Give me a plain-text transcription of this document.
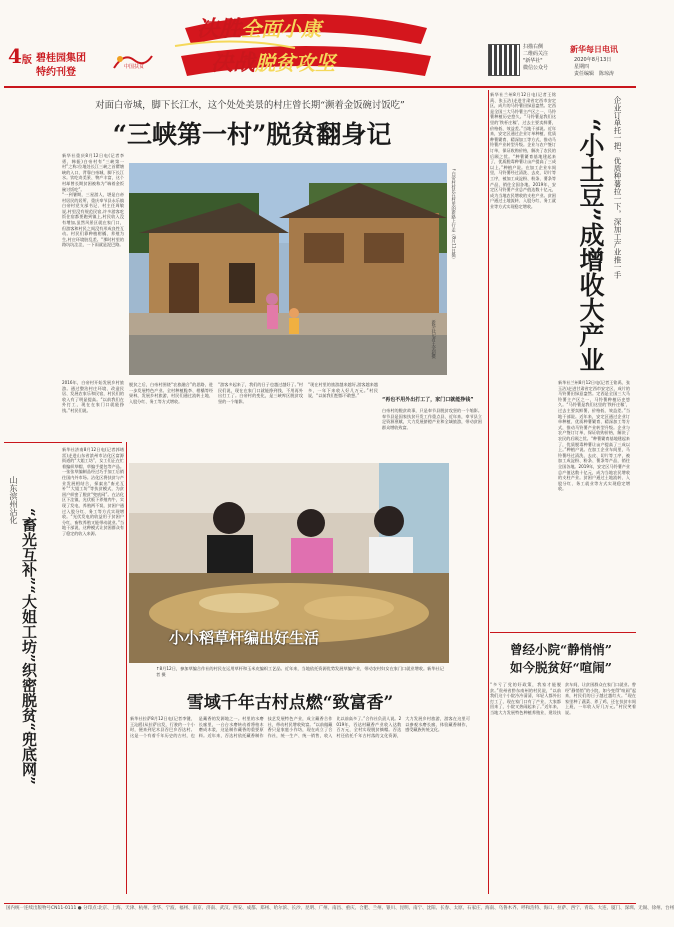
4版 碧桂园集团
特约刊登	中国扶贫
决胜全面小康
决战脱贫攻坚
扫描右侧
二维码关注
"新华社"
微信公众号
新华每日电讯
2020年8月13日
星期四
责任编辑　陈琼涛
对面白帝城，脚下长江水，这个处处美景的村庄曾长期“濒着金饭碗讨饭吃”
“三峡第一村”脱贫翻身记
新华社重庆8月12日电(记者李勇、韩振)白帝村有“三峡第一村”之称:位地处长江三峡之首瞿塘峡的入口，背靠白帝城，脚下长江水。饮吃奇美景、物产丰富，这个村却曾长期贫困被称为“端着金饭碗讨饭吃”。
“一到暑期，三星游人，堪是白帝村居民的居所，重庆奉节县永乐镇白帝村党支部书记、村主任周敏说,村里没有规范民宿,许多游客吃饭住宿都要跑到镇上,村民收入没有增加,虽然风景区就在家门口，但游客和村民之间没有形成良性互动。村民们靠种植柑橘、养殖为生,村庄环境脏乱差。“那时村里的路坑坑洼洼，一下雨就是泥巴路。
2016年，白帝村开始发展乡村旅游。通过整治村庄环境、改造民居、发展农家乐和民宿，村民们的收入有了明显提高。“以前我们在外打工，现在在家门口就能挣钱。”村民们说。
↑白帝村村民在村里的新路上行走（8月11日摄）
新华社记者王全超摄
脱贫之后，白帝村围绕“农旅融合”的思路，进一步发展特色产业。全村种植脆李、柑橘等经果林，发展乡村旅游，村民们通过流转土地、入股分红、务工等方式增收。
“游客多起来了，我们的日子也越过越好了。”村民们说，现在在家门口就能挣到钱，不用再外出打工了。白帝村的变化，是三峡库区脱贫攻坚的一个缩影。
“现在村里的旅游越来越好,游客越来越多，一年下来收入好几万元。”村民说，“以前我们想都不敢想。”
“再也不用外出打工了，家门口就能挣钱”
白帝村的脱贫故事，只是奉节县脱贫攻坚的一个缩影。奉节县是国家扶贫开发工作重点县，近年来，奉节县立足资源禀赋，大力发展脐橙产业和全域旅游，带动贫困群众增收致富。
山东滨州沾化
“畜光互补”“大姐工坊”织密脱贫“兜底网”
新华社济南8月12日电(记者郭绪雷)走进山东省滨州市沾化区富源街道的“大姐工坊”，女工们正在忙着编织草帽、草编手提包等产品。一张张草编制品经过巧手加工后销往国内外市场。沾化区将扶贫与产业发展相结合，探索出“畜光互补”“大姐工坊”等扶贫模式，为贫困户织密了脱贫“兜底网”。在沾化区下洼镇，光伏板下养殖肉牛，实现了发电、养殖两不误，贫困户通过入股分红、务工等方式实现增收。“光伏发电的收益用于贫困户分红，畜牧养殖又能带动就业。”当地干部说，这种模式让贫困群众有了稳定的收入来源。
小小稻草杆编出好生活
↑8月12日，参加草编合作社的村民在运用草杆和玉米皮编织工艺品。近年来，当地依托资源优势发展草编产业，带动农村妇女在家门口就业增收。新华社记者 摄
雪域千年古村点燃“致富香”
新华社拉萨8月12日电(记者李键、王沁鸥)从拉萨出发，行驶约一个小时，便来到尼木县吞巴乡吞达村。这是一个有着千年历史的古村，也是藏香的发源地之一。村里的水磨长廊里，一台台水磨转动着将柏木磨成木浆，这是制作藏香的重要原料。近年来，吞达村依托藏香制作技艺发展特色产业，成立藏香合作社，带动村民增收致富。“以前做藏香只是家庭小作坊，现在成立了合作社，统一生产、统一销售，收入比以前高多了。”合作社负责人说。2019年，吞达村藏香产业收入达数百万元，全村实现脱贫摘帽。吞达村还依托千年古村落的文化资源，大力发展乡村旅游，游客在这里可以参观水磨长廊、体验藏香制作，感受藏族传统文化。
新华社兰州8月12日电(记者王铭禹、张玉洁)走进甘肃省定西市安定区，成片的马铃薯田绿意盎然。定西是全国三大马铃薯主产区之一，马铃薯种植历史悠久。“马铃薯是我们这里的‘铁杆庄稼’，过去主要卖鲜薯，价格低、效益差。”当地干部说。近年来，安定区通过企业订单种植、优质种薯繁育、精深加工等方式，推动马铃薯产业转型升级。企业与农户签订订单，保证收购价格，解决了农民的后顾之忧。“种薯繁育基地建起来了，优质脱毒种薯让亩产提高了三成以上。”种植户说。在加工企业车间里，马铃薯经过清洗、去皮、切片等工序，被加工成淀粉、粉条、薯条等产品，销往全国各地。2019年，安定区马铃薯产业总产值达数十亿元，成为当地农民增收的支柱产业。贫困户通过土地流转、入股分红、务工就业等方式实现稳定增收。	企业订单托一把，优质种薯拉一下，深加工产业推一手
“小土豆”成增收大产业
新华社兰州8月12日电(记者王铭禹、张玉洁)走进甘肃省定西市安定区，成片的马铃薯田绿意盎然。定西是全国三大马铃薯主产区之一，马铃薯种植历史悠久。“马铃薯是我们这里的‘铁杆庄稼’，过去主要卖鲜薯，价格低、效益差。”当地干部说。近年来，安定区通过企业订单种植、优质种薯繁育、精深加工等方式，推动马铃薯产业转型升级。企业与农户签订订单，保证收购价格，解决了农民的后顾之忧。“种薯繁育基地建起来了，优质脱毒种薯让亩产提高了三成以上。”种植户说。在加工企业车间里，马铃薯经过清洗、去皮、切片等工序，被加工成淀粉、粉条、薯条等产品，销往全国各地。2019年，安定区马铃薯产业总产值达数十亿元，成为当地农民增收的支柱产业。贫困户通过土地流转、入股分红、务工就业等方式实现稳定增收。
曾经小院“静悄悄”
如今脱贫好“喧闹”
“多亏了党的好政策，我家才能脱贫。”贵州省黔东南州的村民说，“以前我们这个小院冷冷清清，年轻人都外出打工了，现在家门口有了产业，大家都回来了，小院又热闹起来了。”近年来，当地大力发展特色种植养殖业，建设扶贫车间，让贫困群众在家门口就业。曾经“静悄悄”的小院，如今变得“喧闹”起来，村民们的日子越过越红火。“现在家里种了蔬菜、养了鸡，还在扶贫车间上班，一年收入好几万元。”村民笑着说。
国内统一连续出版物号CN11-0111 ● 分印点:北京、上海、天津、杭州、金华、宁波、福州、南京、济南、武汉、西安、成都、郑州、哈尔滨、长沙、昆明、广州、南昌、重庆、合肥、兰州、银川、昆明、南宁、沈阳、长春、太原、石家庄、海南、乌鲁木齐、呼和浩特、海口、拉萨、西宁、青岛、大连、厦门、深圳、无锡、徐州、台州
